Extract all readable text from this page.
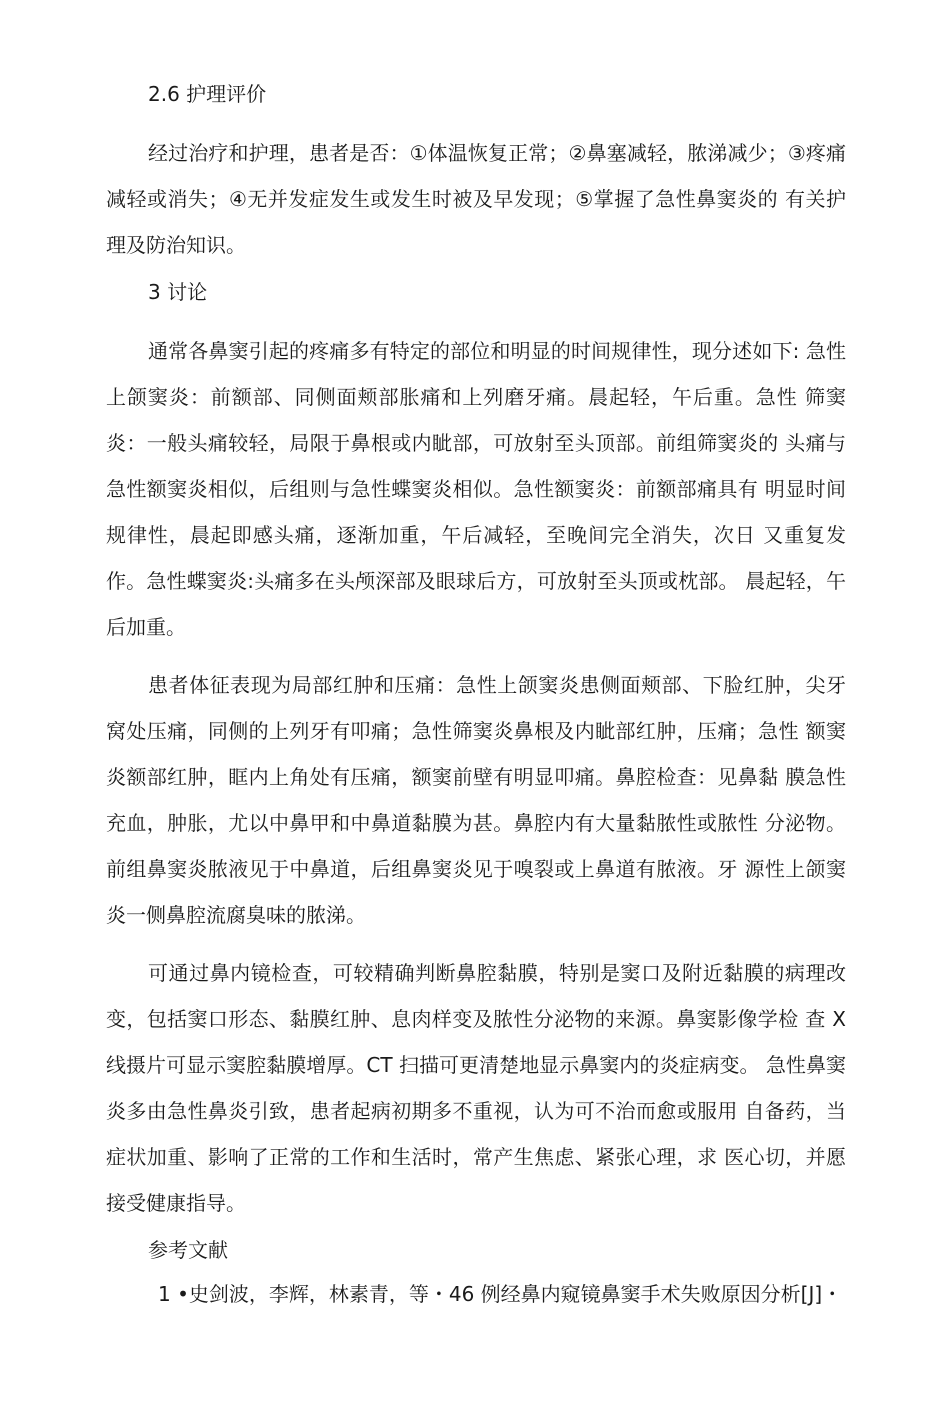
2.6 护理评价

经过治疗和护理，患者是否：①体温恢复正常；②鼻塞减轻，脓涕减少；③疼痛减轻或消失；④无并发症发生或发生时被及早发现；⑤掌握了急性鼻窦炎的 有关护理及防治知识。

3 讨论

通常各鼻窦引起的疼痛多有特定的部位和明显的时间规律性，现分述如下: 急性上颌窦炎：前额部、同侧面颊部胀痛和上列磨牙痛。晨起轻，午后重。急性 筛窦炎：一般头痛较轻，局限于鼻根或内眦部，可放射至头顶部。前组筛窦炎的 头痛与急性额窦炎相似，后组则与急性蝶窦炎相似。急性额窦炎：前额部痛具有 明显时间规律性，晨起即感头痛，逐渐加重，午后减轻，至晚间完全消失，次日 又重复发作。急性蝶窦炎:头痛多在头颅深部及眼球后方，可放射至头顶或枕部。 晨起轻，午后加重。

患者体征表现为局部红肿和压痛：急性上颌窦炎患侧面颊部、下脸红肿，尖牙窝处压痛，同侧的上列牙有叩痛；急性筛窦炎鼻根及内眦部红肿，压痛；急性 额窦炎额部红肿，眶内上角处有压痛，额窦前壁有明显叩痛。鼻腔检查：见鼻黏 膜急性充血，肿胀，尤以中鼻甲和中鼻道黏膜为甚。鼻腔内有大量黏脓性或脓性 分泌物。前组鼻窦炎脓液见于中鼻道，后组鼻窦炎见于嗅裂或上鼻道有脓液。牙 源性上颌窦炎一侧鼻腔流腐臭味的脓涕。

可通过鼻内镜检查，可较精确判断鼻腔黏膜，特别是窦口及附近黏膜的病理改变，包括窦口形态、黏膜红肿、息肉样变及脓性分泌物的来源。鼻窦影像学检 查 X 线摄片可显示窦腔黏膜增厚。CT 扫描可更清楚地显示鼻窦内的炎症病变。 急性鼻窦炎多由急性鼻炎引致，患者起病初期多不重视，认为可不治而愈或服用 自备药，当症状加重、影响了正常的工作和生活时，常产生焦虑、紧张心理，求 医心切，并愿接受健康指导。

参考文献

1 •史剑波，李辉，林素青，等・46 例经鼻内窥镜鼻窦手术失败原因分析[J]・
